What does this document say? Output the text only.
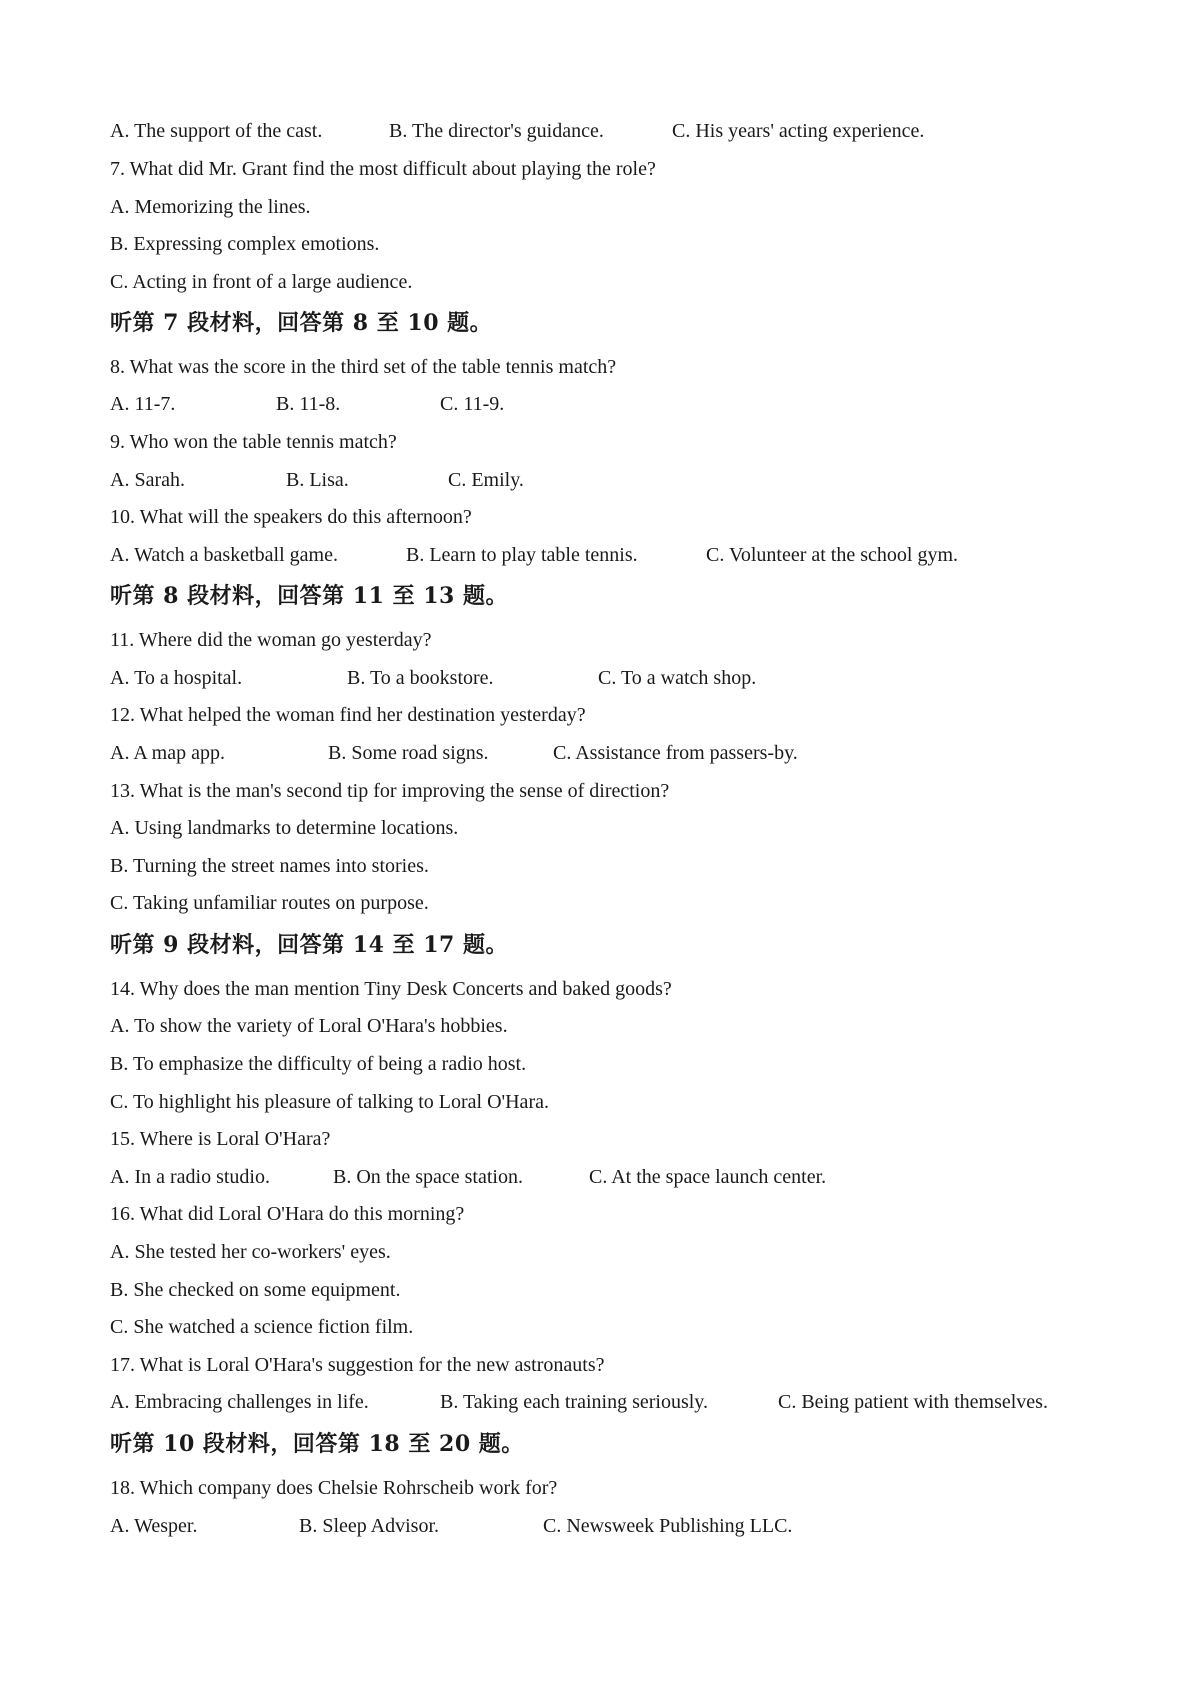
A. The support of the cast.	B. The director's guidance.	C. His years' acting experience.
7. What did Mr. Grant find the most difficult about playing the role?
A. Memorizing the lines.
B. Expressing complex emotions.
C. Acting in front of a large audience.
听第 7 段材料，回答第 8 至 10 题。
8. What was the score in the third set of the table tennis match?
A. 11-7.	B. 11-8.	C. 11-9.
9. Who won the table tennis match?
A. Sarah.	B. Lisa.	C. Emily.
10. What will the speakers do this afternoon?
A. Watch a basketball game.	B. Learn to play table tennis.	C. Volunteer at the school gym.
听第 8 段材料，回答第 11 至 13 题。
11. Where did the woman go yesterday?
A. To a hospital.	B. To a bookstore.	C. To a watch shop.
12. What helped the woman find her destination yesterday?
A. A map app.	B. Some road signs.	C. Assistance from passers-by.
13. What is the man's second tip for improving the sense of direction?
A. Using landmarks to determine locations.
B. Turning the street names into stories.
C. Taking unfamiliar routes on purpose.
听第 9 段材料，回答第 14 至 17 题。
14. Why does the man mention Tiny Desk Concerts and baked goods?
A. To show the variety of Loral O'Hara's hobbies.
B. To emphasize the difficulty of being a radio host.
C. To highlight his pleasure of talking to Loral O'Hara.
15. Where is Loral O'Hara?
A. In a radio studio.	B. On the space station.	C. At the space launch center.
16. What did Loral O'Hara do this morning?
A. She tested her co-workers' eyes.
B. She checked on some equipment.
C. She watched a science fiction film.
17. What is Loral O'Hara's suggestion for the new astronauts?
A. Embracing challenges in life.	B. Taking each training seriously.	C. Being patient with themselves.
听第 10 段材料，回答第 18 至 20 题。
18. Which company does Chelsie Rohrscheib work for?
A. Wesper.	B. Sleep Advisor.	C. Newsweek Publishing LLC.
